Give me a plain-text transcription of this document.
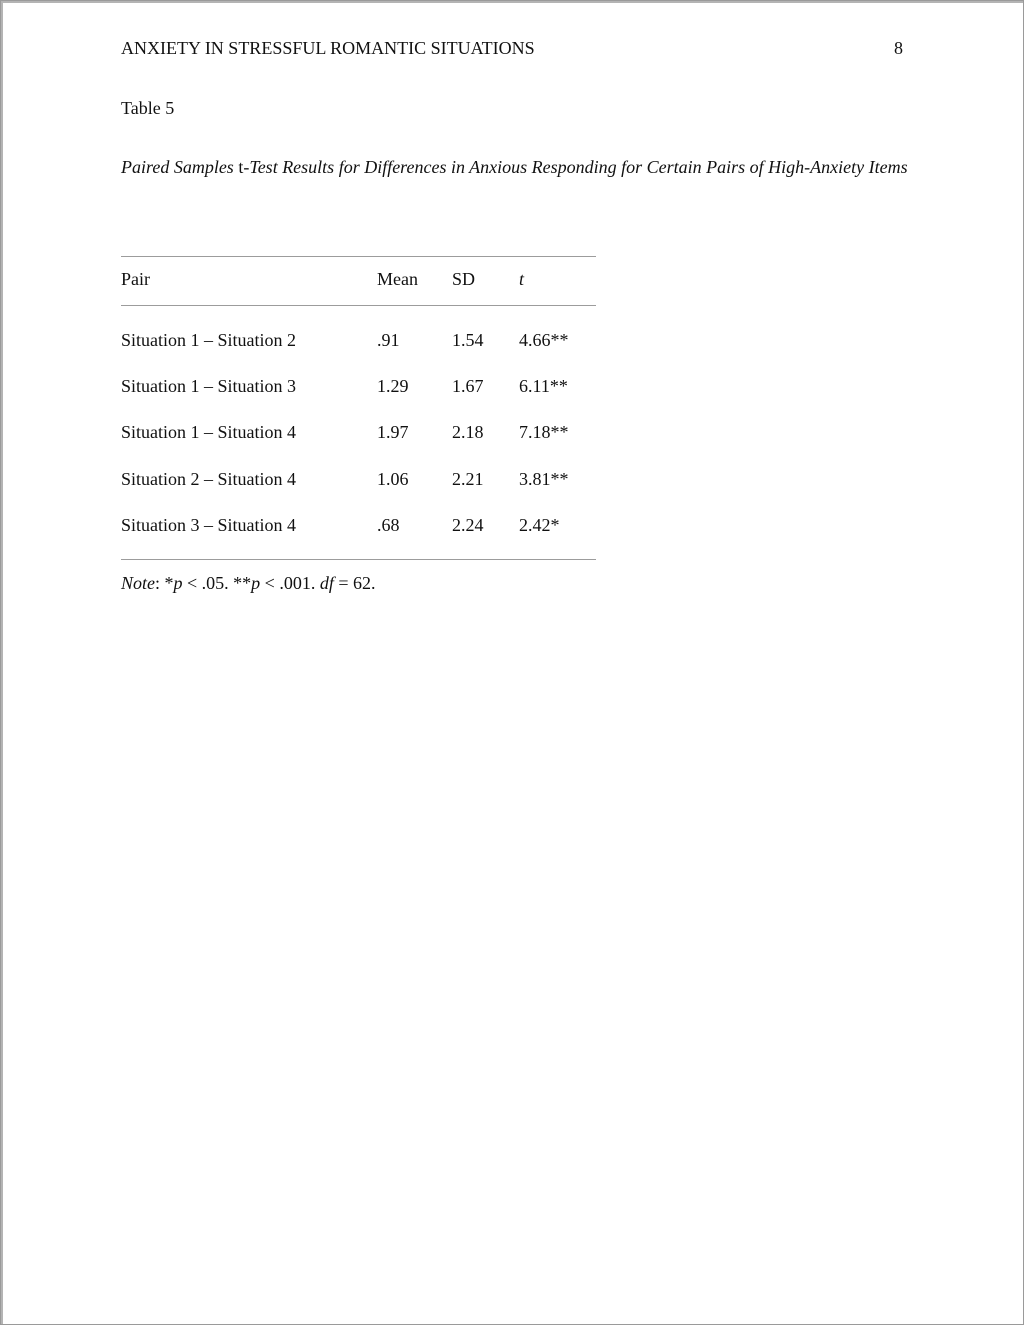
ANXIETY IN STRESSFUL ROMANTIC SITUATIONS	8
Table 5
Paired Samples t-Test Results for Differences in Anxious Responding for Certain Pairs of High-Anxiety Items
Pair	Mean SD t
Situation 1 – Situation 2	.91	1.54 4.66**
Situation 1 – Situation 3	1.29 1.67 6.11**
Situation 1 – Situation 4	1.97 2.18 7.18**
Situation 2 – Situation 4	1.06 2.21 3.81**
Situation 3 – Situation 4	.68	2.24 2.42*
Note: *p < .05. **p < .001. df = 62.
